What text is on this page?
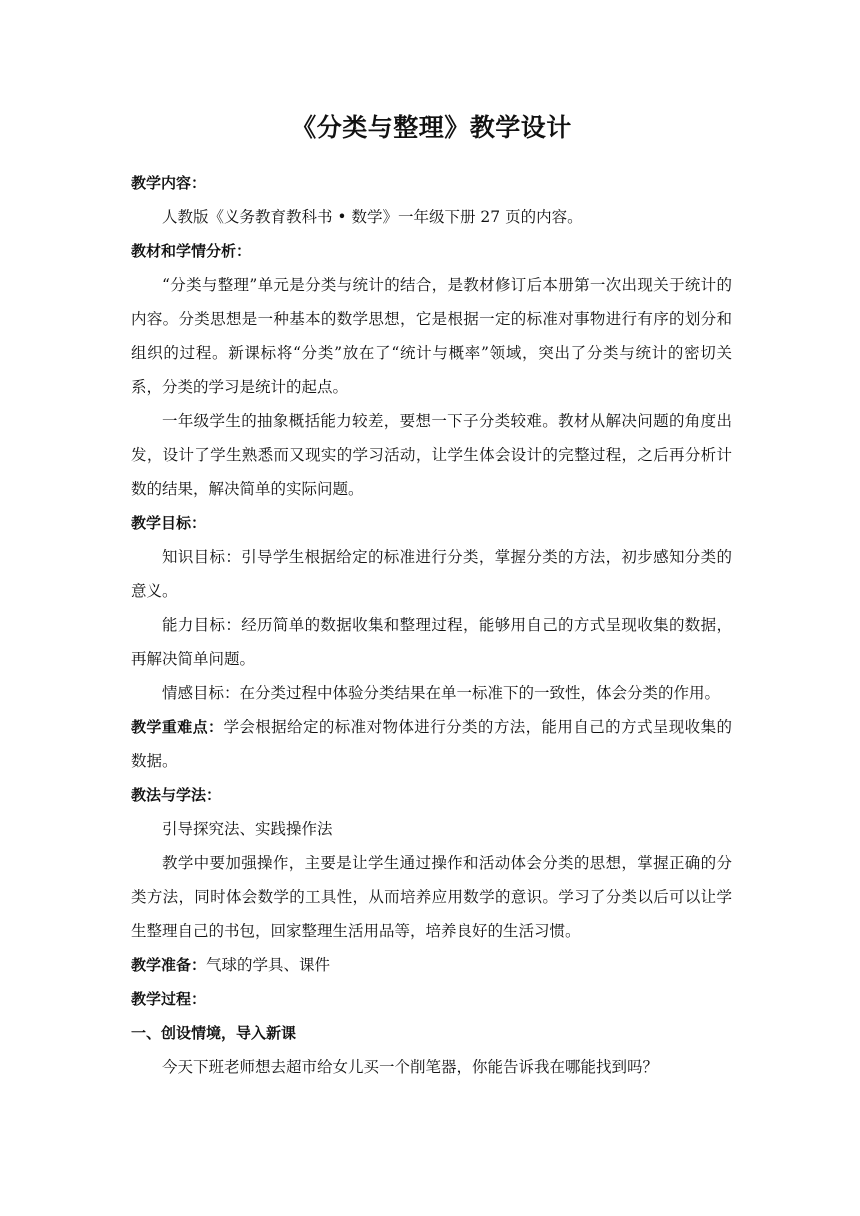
《分类与整理》教学设计

教学内容：

人教版《义务教育教科书 • 数学》一年级下册 27 页的内容。

教材和学情分析：

“分类与整理”单元是分类与统计的结合，是教材修订后本册第一次出现关于统计的内容。分类思想是一种基本的数学思想，它是根据一定的标准对事物进行有序的划分和组织的过程。新课标将“分类”放在了“统计与概率”领域，突出了分类与统计的密切关系，分类的学习是统计的起点。

一年级学生的抽象概括能力较差，要想一下子分类较难。教材从解决问题的角度出发，设计了学生熟悉而又现实的学习活动，让学生体会设计的完整过程，之后再分析计数的结果，解决简单的实际问题。

教学目标：

知识目标：引导学生根据给定的标准进行分类，掌握分类的方法，初步感知分类的意义。

能力目标：经历简单的数据收集和整理过程，能够用自己的方式呈现收集的数据，再解决简单问题。

情感目标：在分类过程中体验分类结果在单一标准下的一致性，体会分类的作用。

教学重难点：学会根据给定的标准对物体进行分类的方法，能用自己的方式呈现收集的数据。

教法与学法：

引导探究法、实践操作法

教学中要加强操作，主要是让学生通过操作和活动体会分类的思想，掌握正确的分类方法，同时体会数学的工具性，从而培养应用数学的意识。学习了分类以后可以让学生整理自己的书包，回家整理生活用品等，培养良好的生活习惯。

教学准备：气球的学具、课件

教学过程：

一、创设情境，导入新课

今天下班老师想去超市给女儿买一个削笔器，你能告诉我在哪能找到吗？
